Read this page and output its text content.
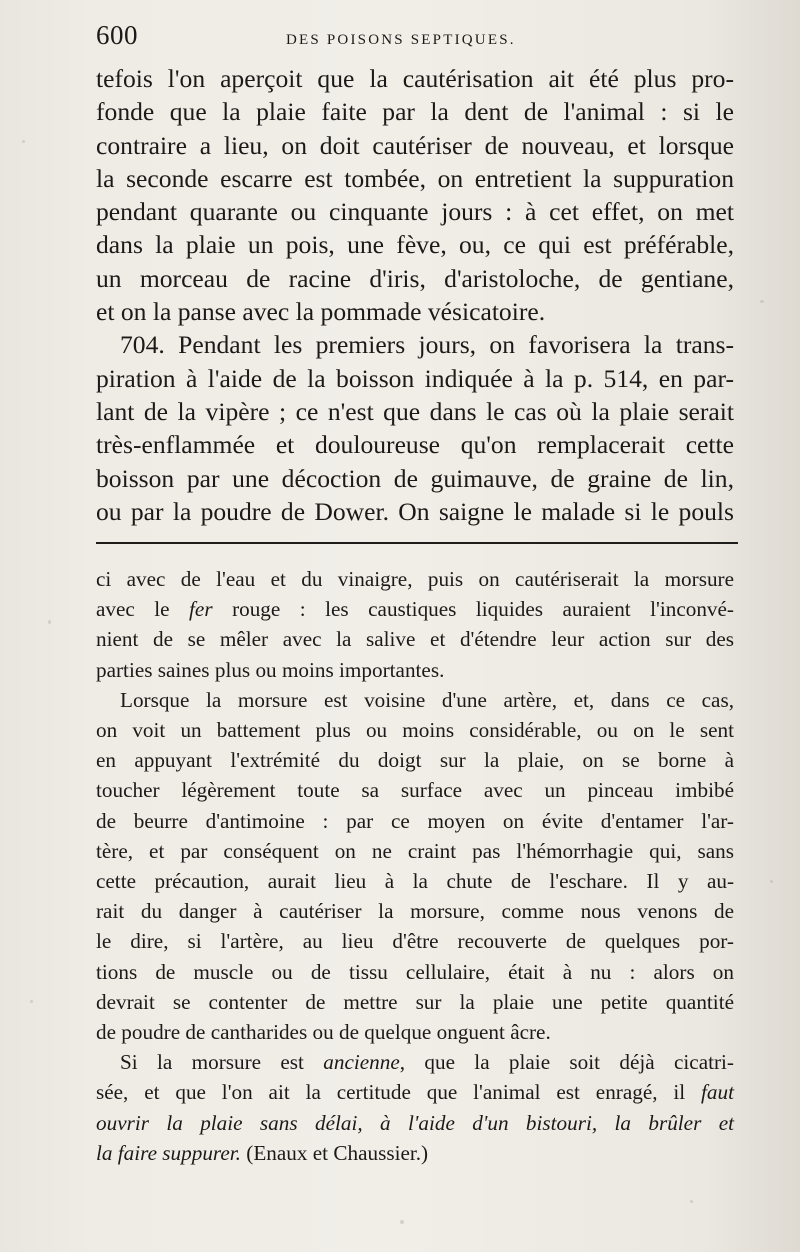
600	DES POISONS SEPTIQUES.

tefois l'on aperçoit que la cautérisation ait été plus pro-
fonde que la plaie faite par la dent de l'animal : si le
contraire a lieu, on doit cautériser de nouveau, et lorsque
la seconde escarre est tombée, on entretient la suppuration
pendant quarante ou cinquante jours : à cet effet, on met
dans la plaie un pois, une fève, ou, ce qui est préférable,
un morceau de racine d'iris, d'aristoloche, de gentiane,

et on la panse avec la pommade vésicatoire.

704. Pendant les premiers jours, on favorisera la trans-

piration à l'aide de la boisson indiquée à la p. 514, en par-
lant de la vipère ; ce n'est que dans le cas où la plaie serait
très-enflammée et douloureuse qu'on remplacerait cette
boisson par une décoction de guimauve, de graine de lin,
ou par la poudre de Dower. On saigne le malade si le pouls

ci avec de l'eau et du vinaigre, puis on cautériserait la morsure
avec le fer rouge : les caustiques liquides auraient l'inconvé-
nient de se mêler avec la salive et d'étendre leur action sur des

parties saines plus ou moins importantes.

Lorsque la morsure est voisine d'une artère, et, dans ce cas,

on voit un battement plus ou moins considérable, ou on le sent
en appuyant l'extrémité du doigt sur la plaie, on se borne à
toucher légèrement toute sa surface avec un pinceau imbibé
de beurre d'antimoine : par ce moyen on évite d'entamer l'ar-
tère, et par conséquent on ne craint pas l'hémorrhagie qui, sans
cette précaution, aurait lieu à la chute de l'eschare. Il y au-
rait du danger à cautériser la morsure, comme nous venons de
le dire, si l'artère, au lieu d'être recouverte de quelques por-
tions de muscle ou de tissu cellulaire, était à nu : alors on
devrait se contenter de mettre sur la plaie une petite quantité

de poudre de cantharides ou de quelque onguent âcre.

Si la morsure est ancienne, que la plaie soit déjà cicatri-

sée, et que l'on ait la certitude que l'animal est enragé, il faut
ouvrir la plaie sans délai, à l'aide d'un bistouri, la brûler et

la faire suppurer. (Enaux et Chaussier.)
